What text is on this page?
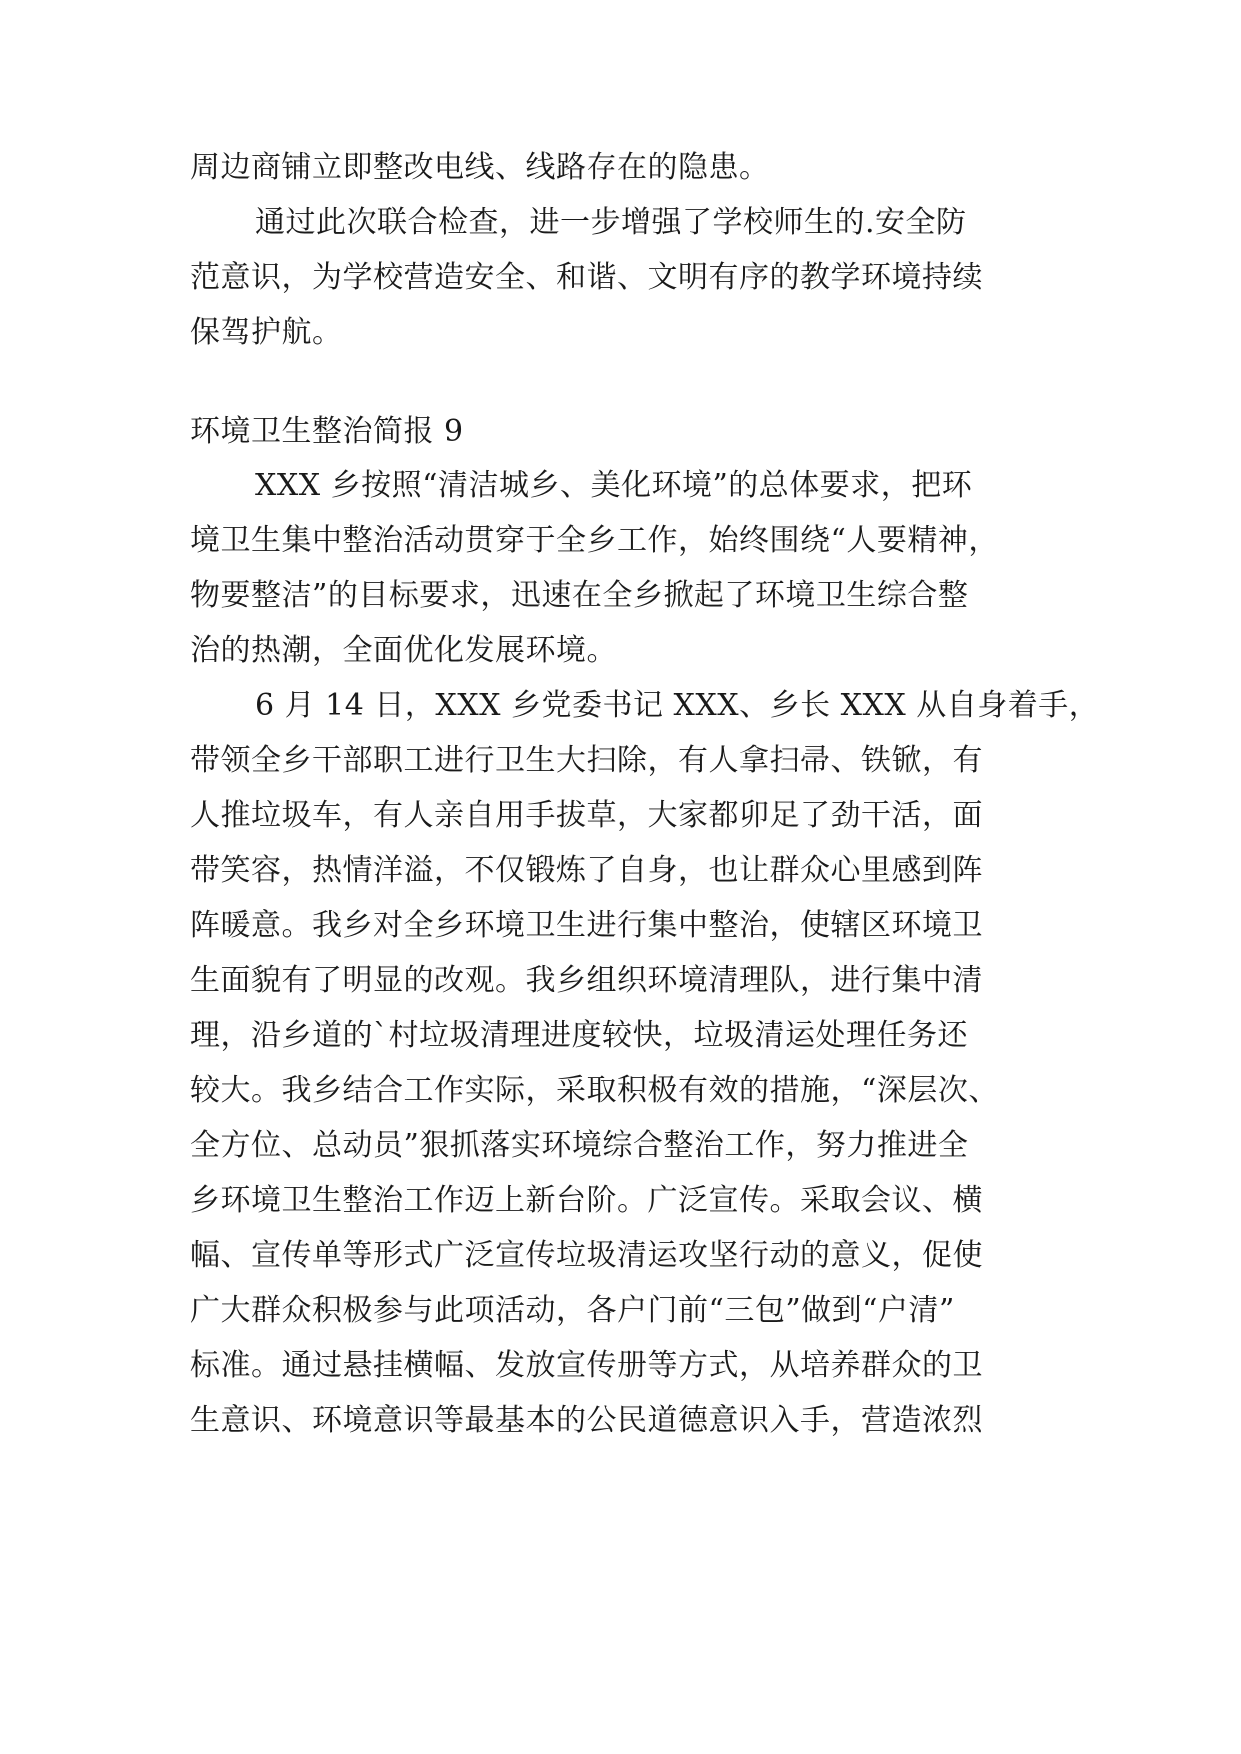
周边商铺立即整改电线、线路存在的隐患。
通过此次联合检查，进一步增强了学校师生的.安全防
范意识，为学校营造安全、和谐、文明有序的教学环境持续
保驾护航。
环境卫生整治简报 9
XXX 乡按照“清洁城乡、美化环境”的总体要求，把环
境卫生集中整治活动贯穿于全乡工作，始终围绕“人要精神，
物要整洁”的目标要求，迅速在全乡掀起了环境卫生综合整
治的热潮，全面优化发展环境。
6 月 14 日，XXX 乡党委书记 XXX、乡长 XXX 从自身着手，
带领全乡干部职工进行卫生大扫除，有人拿扫帚、铁锨，有
人推垃圾车，有人亲自用手拔草，大家都卯足了劲干活，面
带笑容，热情洋溢，不仅锻炼了自身，也让群众心里感到阵
阵暖意。我乡对全乡环境卫生进行集中整治，使辖区环境卫
生面貌有了明显的改观。我乡组织环境清理队，进行集中清
理，沿乡道的`村垃圾清理进度较快，垃圾清运处理任务还
较大。我乡结合工作实际，采取积极有效的措施，“深层次、
全方位、总动员”狠抓落实环境综合整治工作，努力推进全
乡环境卫生整治工作迈上新台阶。广泛宣传。采取会议、横
幅、宣传单等形式广泛宣传垃圾清运攻坚行动的意义，促使
广大群众积极参与此项活动，各户门前“三包”做到“户清”
标准。通过悬挂横幅、发放宣传册等方式，从培养群众的卫
生意识、环境意识等最基本的公民道德意识入手，营造浓烈
